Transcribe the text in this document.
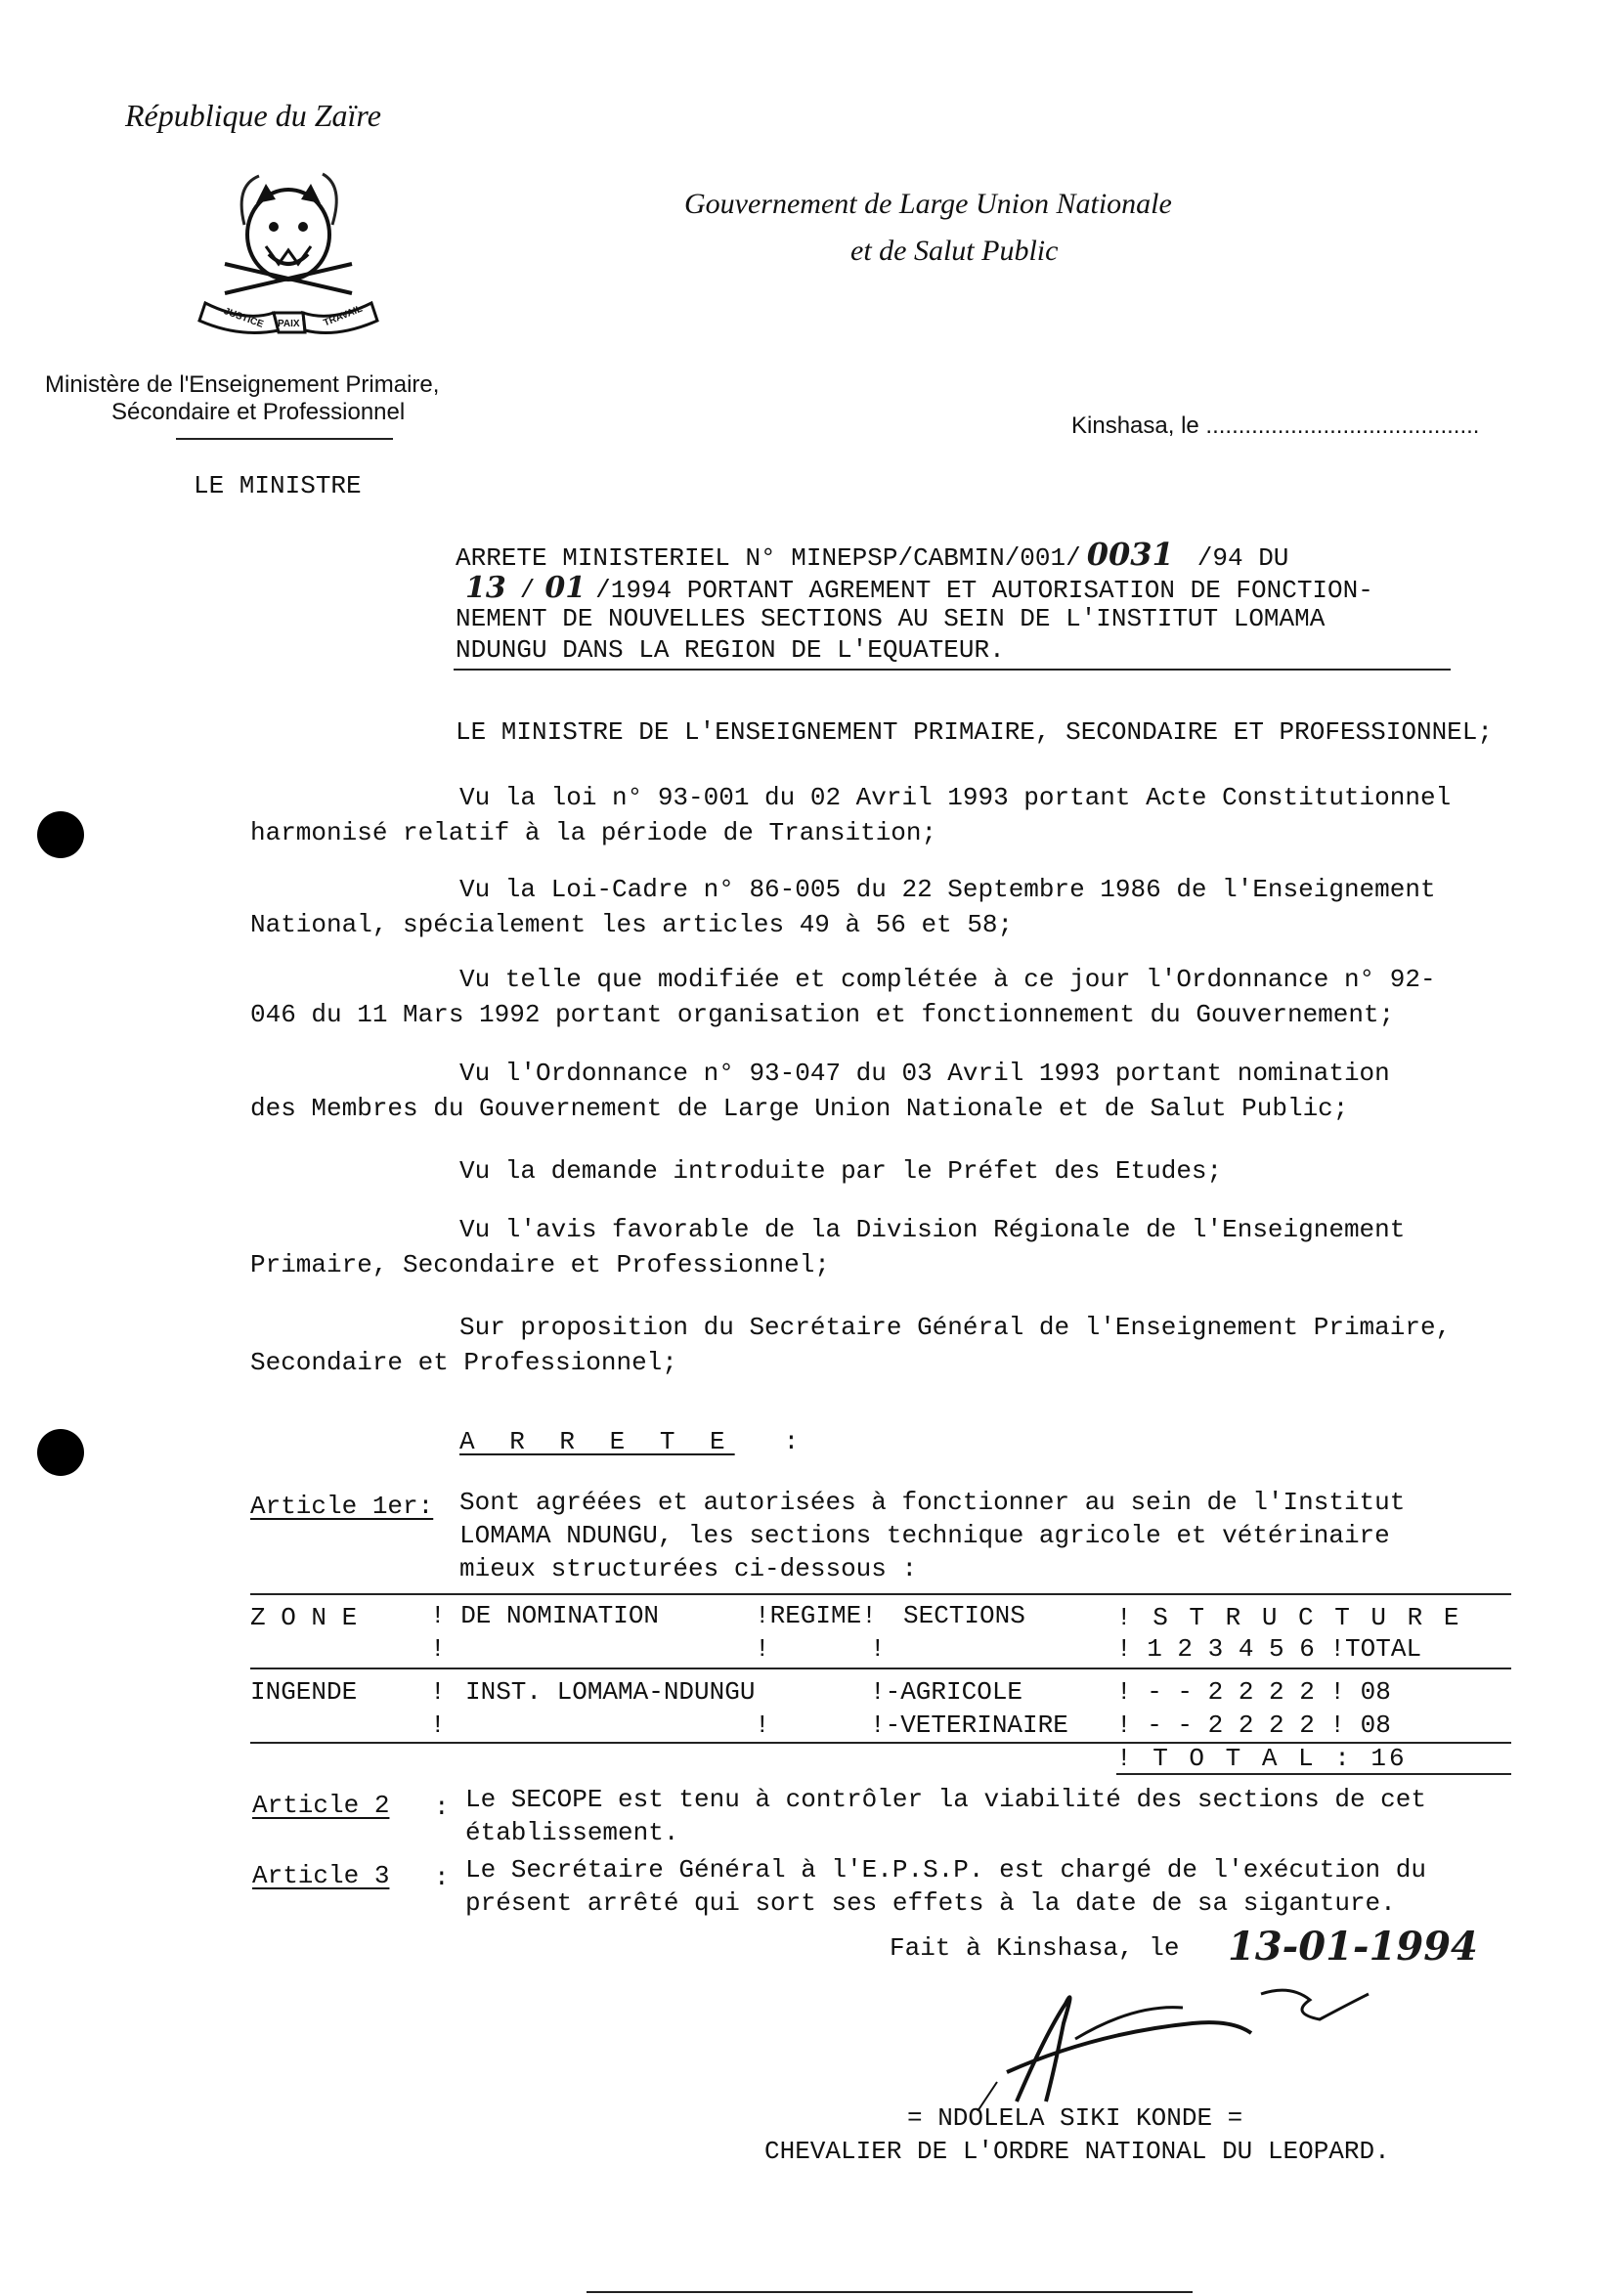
République du Zaïre
JUSTICE PAIX TRAVAIL
Ministère de l'Enseignement Primaire,
Sécondaire et Professionnel
Gouvernement de Large Union Nationale
et de Salut Public
Kinshasa, le ..........................................
LE MINISTRE
ARRETE MINISTERIEL N° MINEPSP/CABMIN/001/ 0031 /94 DU
13 / 01 /1994 PORTANT AGREMENT ET AUTORISATION DE FONCTION-
NEMENT DE NOUVELLES SECTIONS AU SEIN DE L'INSTITUT LOMAMA
NDUNGU DANS LA REGION DE L'EQUATEUR.
LE MINISTRE DE L'ENSEIGNEMENT PRIMAIRE, SECONDAIRE ET PROFESSIONNEL;
Vu la loi n° 93-001 du 02 Avril 1993 portant Acte Constitutionnel
harmonisé relatif à la période de Transition;
Vu la Loi-Cadre n° 86-005 du 22 Septembre 1986 de l'Enseignement
National, spécialement les articles 49 à 56 et 58;
Vu telle que modifiée et complétée à ce jour l'Ordonnance n° 92-
046 du 11 Mars 1992 portant organisation et fonctionnement du Gouvernement;
Vu l'Ordonnance n° 93-047 du 03 Avril 1993 portant nomination
des Membres du Gouvernement de Large Union Nationale et de Salut Public;
Vu la demande introduite par le Préfet des Etudes;
Vu l'avis favorable de la Division Régionale de l'Enseignement
Primaire, Secondaire et Professionnel;
Sur proposition du Secrétaire Général de l'Enseignement Primaire,
Secondaire et Professionnel;
A R R E T E :
Article 1er: Sont agréées et autorisées à fonctionner au sein de l'Institut
LOMAMA NDUNGU, les sections technique agricole et vétérinaire
mieux structurées ci-dessous :
Z O N E	! DE NOMINATION	!REGIME! SECTIONS	! S T R U C T U R E
!	!	!	! 1 2 3 4 5 6 !TOTAL
INGENDE	! INST. LOMAMA-NDUNGU	!-AGRICOLE	! - - 2 2 2 2 ! 08
!	!	!-VETERINAIRE ! - - 2 2 2 2 ! 08
! T O T A L : 16
Article 2 : Le SECOPE est tenu à contrôler la viabilité des sections de cet
établissement.
Article 3 : Le Secrétaire Général à l'E.P.S.P. est chargé de l'exécution du
présent arrêté qui sort ses effets à la date de sa siganture.
Fait à Kinshasa, le 13-01-1994
= NDOLELA SIKI KONDE =
CHEVALIER DE L'ORDRE NATIONAL DU LEOPARD.
